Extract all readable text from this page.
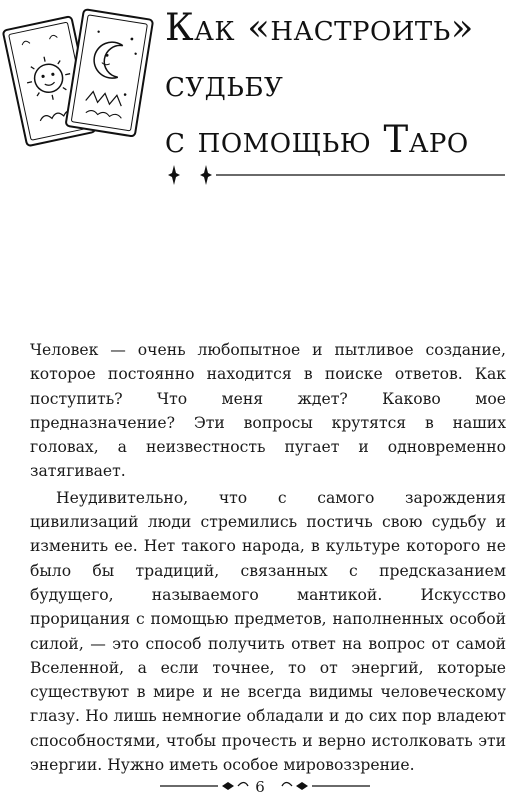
Как «настроить»
судьбу
с помощью Таро

Человек — очень любопытное и пытливое создание, которое постоянно находится в поиске ответов. Как поступить? Что меня ждет? Каково мое предназначение? Эти вопросы крутятся в наших головах, а неизвестность пугает и одновременно затягивает.

Неудивительно, что с самого зарождения цивилизаций люди стремились постичь свою судьбу и изменить ее. Нет такого народа, в культуре которого не было бы традиций, связанных с предсказанием будущего, называемого мантикой. Искусство прорицания с помощью предметов, наполненных особой силой, — это способ получить ответ на вопрос от самой Вселенной, а если точнее, то от энергий, которые существуют в мире и не всегда видимы человеческому глазу. Но лишь немногие обладали и до сих пор владеют способностями, чтобы прочесть и верно истолковать эти энергии. Нужно иметь особое мировоззрение.

6
